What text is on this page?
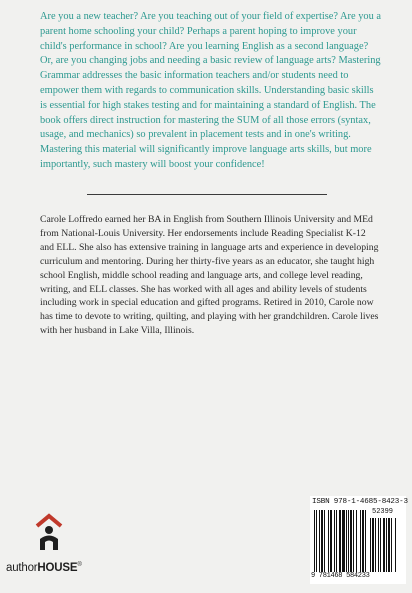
Are you a new teacher? Are you teaching out of your field of expertise? Are you a parent home schooling your child? Perhaps a parent hoping to improve your child's performance in school? Are you learning English as a second language? Or, are you changing jobs and needing a basic review of language arts? Mastering Grammar addresses the basic information teachers and/or students need to empower them with regards to communication skills. Understanding basic skills is essential for high stakes testing and for maintaining a standard of English. The book offers direct instruction for mastering the SUM of all those errors (syntax, usage, and mechanics) so prevalent in placement tests and in one's writing. Mastering this material will significantly improve language arts skills, but more importantly, such mastery will boost your confidence!

Carole Loffredo earned her BA in English from Southern Illinois University and MEd from National-Louis University. Her endorsements include Reading Specialist K-12 and ELL. She also has extensive training in language arts and experience in developing curriculum and mentoring. During her thirty-five years as an educator, she taught high school English, middle school reading and language arts, and college level reading, writing, and ELL classes. She has worked with all ages and ability levels of students including work in special education and gifted programs. Retired in 2010, Carole now has time to devote to writing, quilting, and playing with her grandchildren. Carole lives with her husband in Lake Villa, Illinois.

authorHOUSE®
ISBN 978-1-4685-8423-3
52399
9 781468 584233
